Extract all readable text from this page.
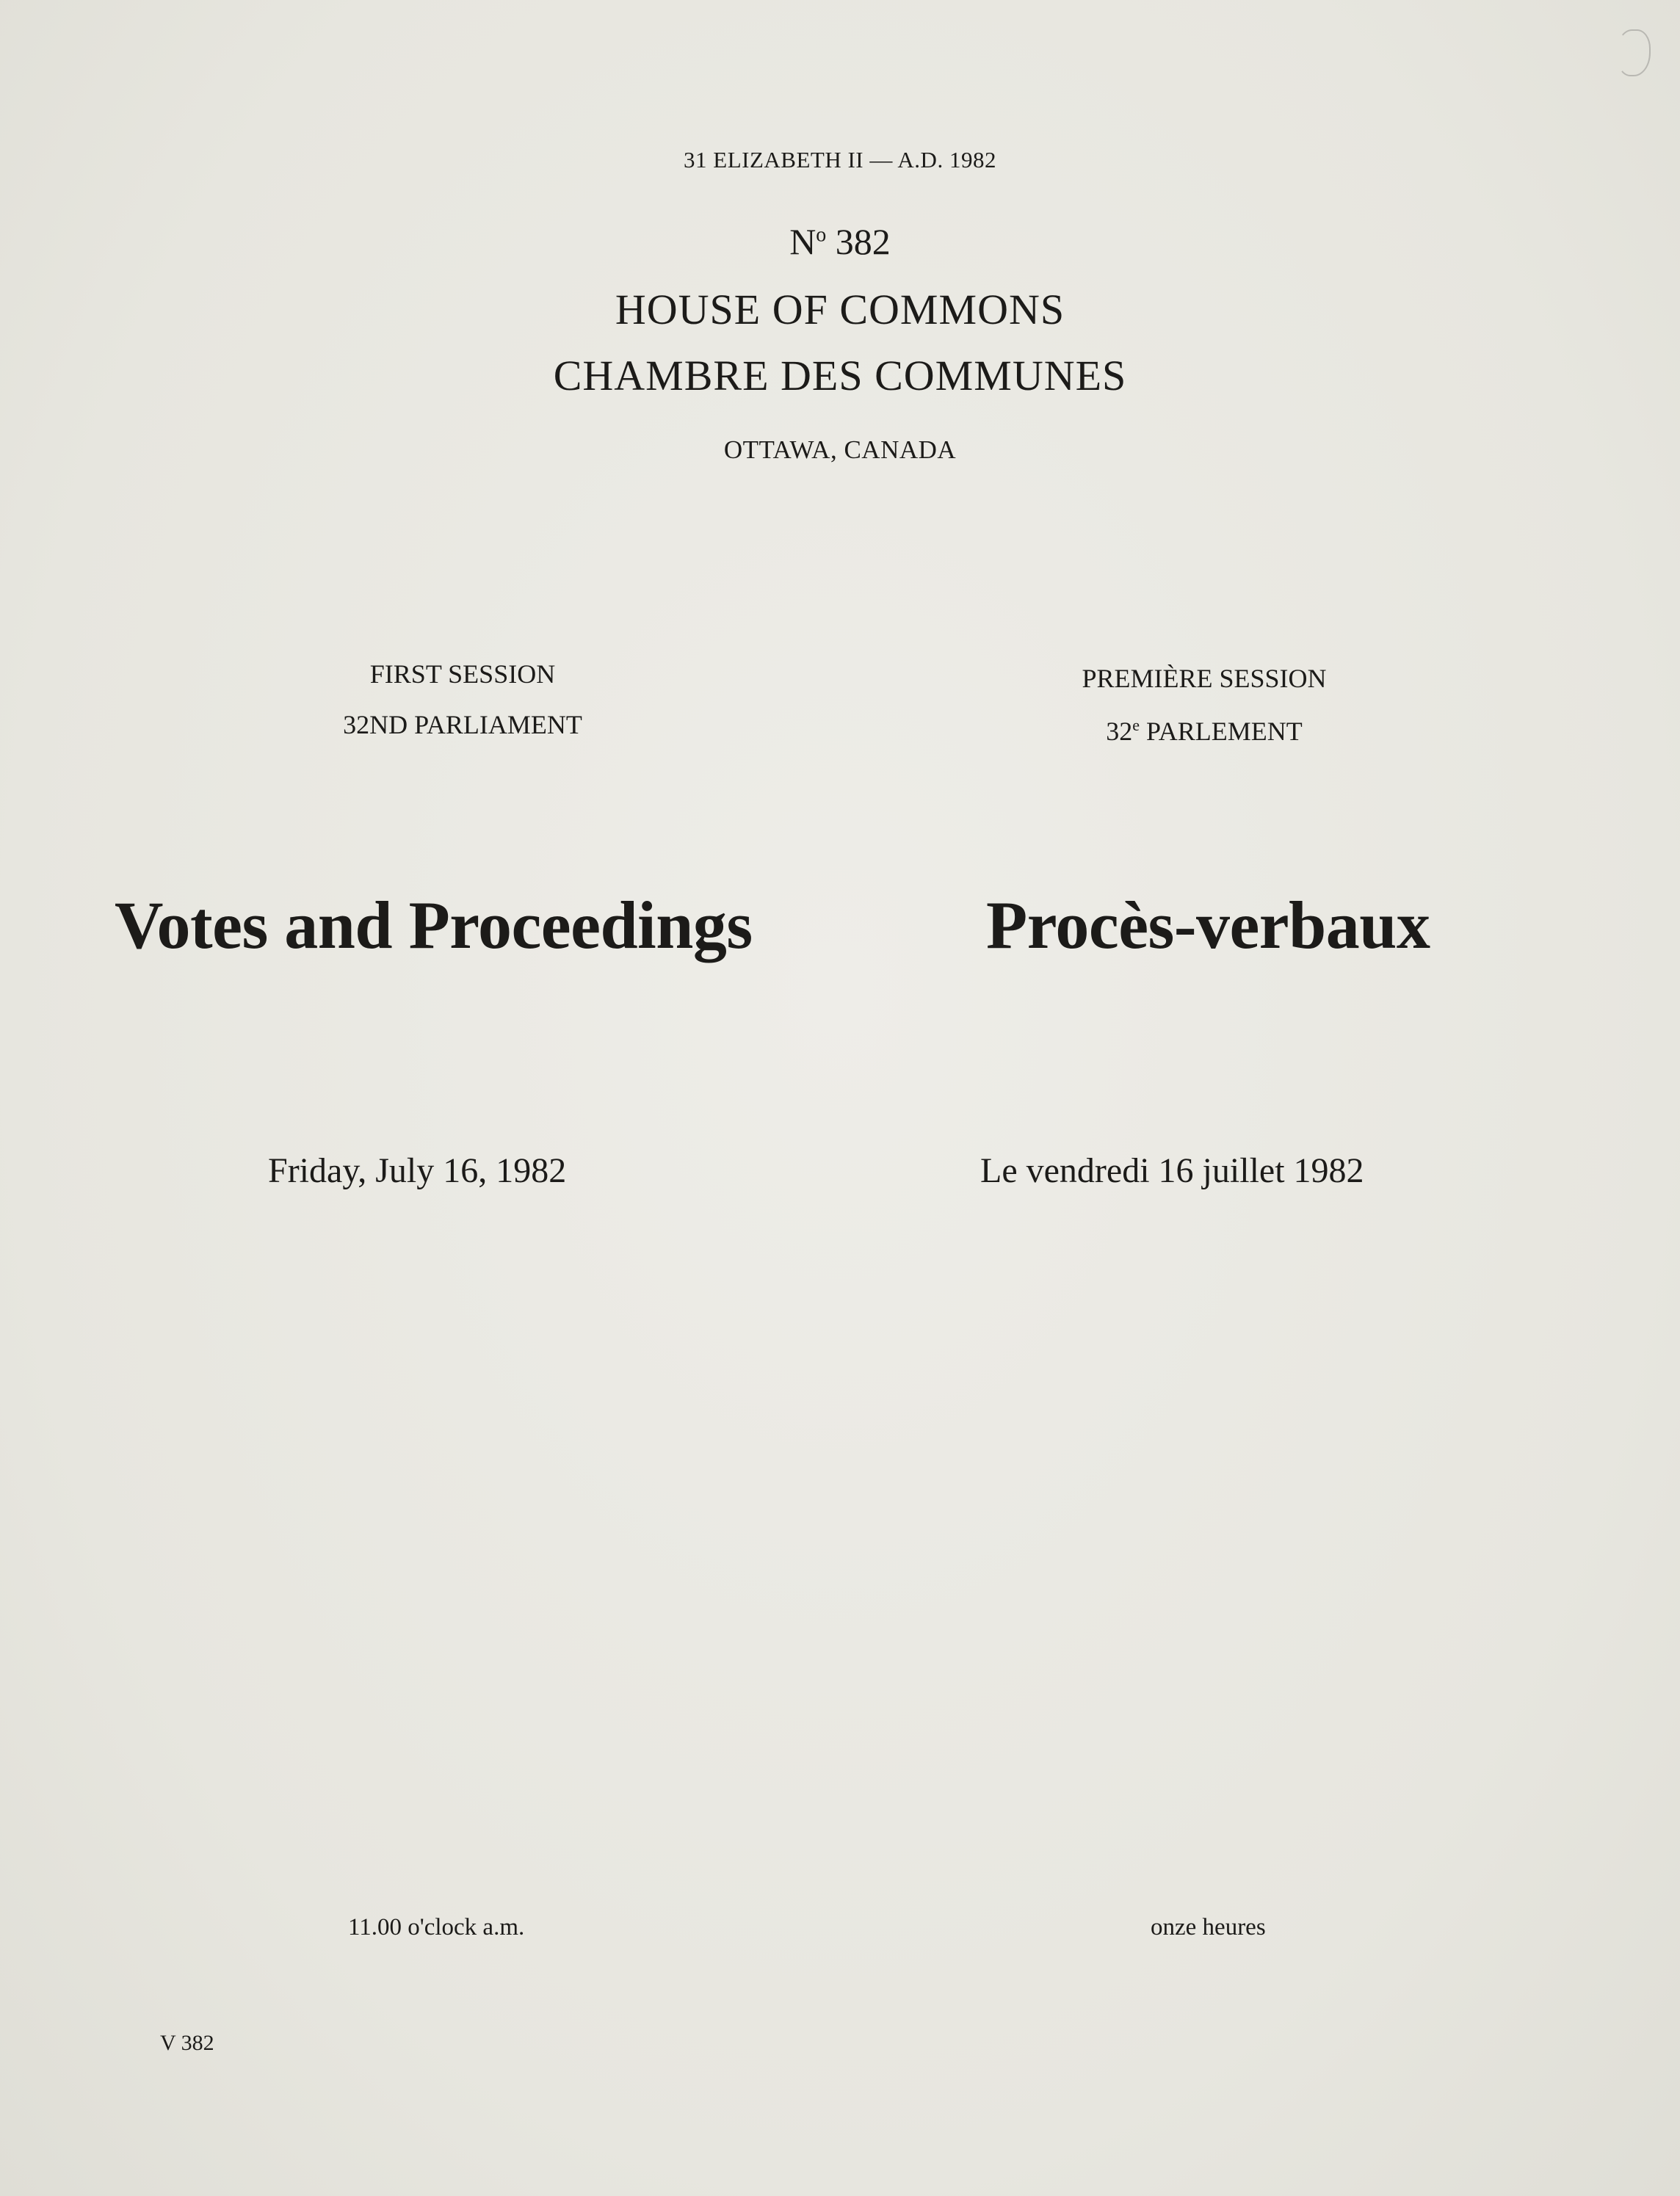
31 ELIZABETH II — A.D. 1982
$N^o$ 382
HOUSE OF COMMONS
CHAMBRE DES COMMUNES
OTTAWA, CANADA
FIRST SESSION
32ND PARLIAMENT
PREMIÈRE SESSION
32e PARLEMENT
Votes and Proceedings	Procès-verbaux
Friday, July 16, 1982	Le vendredi 16 juillet 1982
11.00 o'clock a.m.	onze heures
V 382
